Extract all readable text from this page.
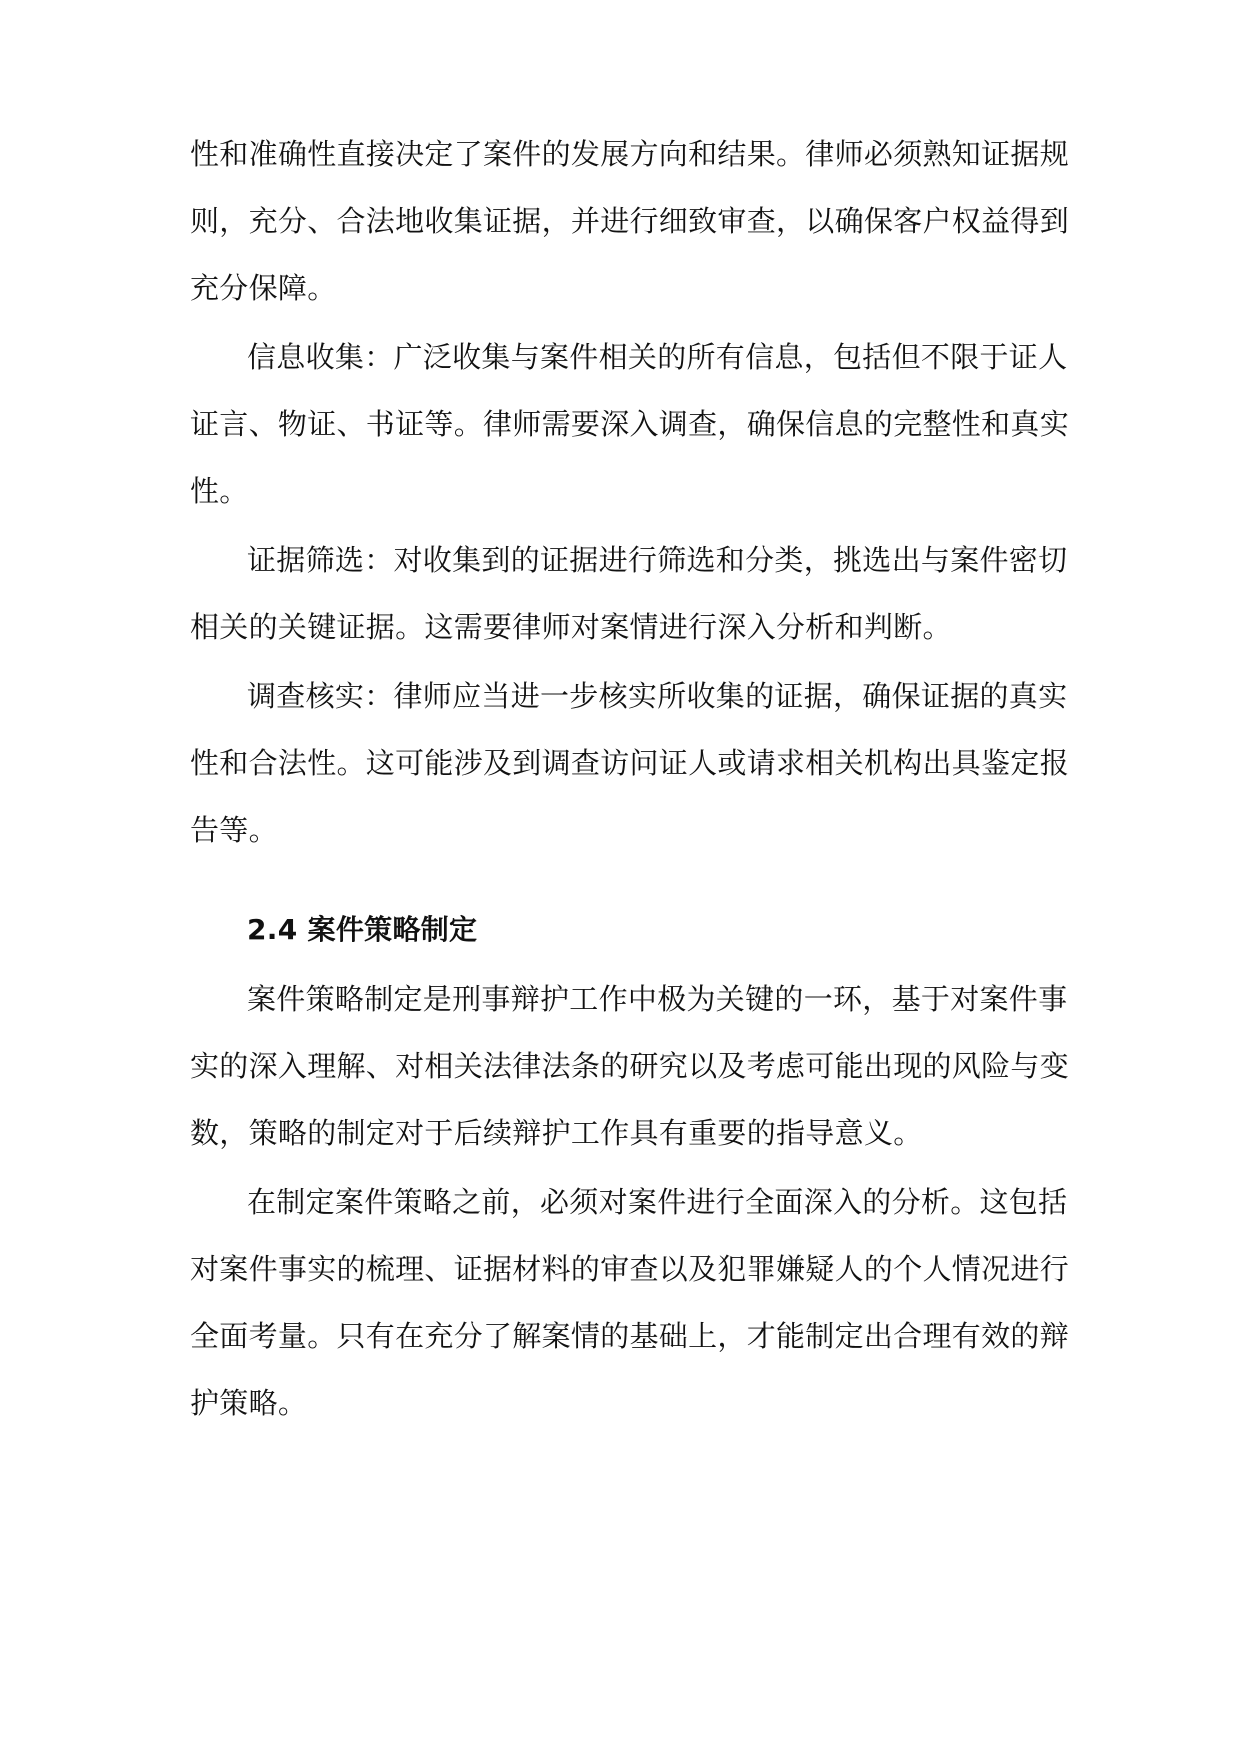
性和准确性直接决定了案件的发展方向和结果。律师必须熟知证据规
则，充分、合法地收集证据，并进行细致审查，以确保客户权益得到
充分保障。
信息收集：广泛收集与案件相关的所有信息，包括但不限于证人
证言、物证、书证等。律师需要深入调查，确保信息的完整性和真实
性。
证据筛选：对收集到的证据进行筛选和分类，挑选出与案件密切
相关的关键证据。这需要律师对案情进行深入分析和判断。
调查核实：律师应当进一步核实所收集的证据，确保证据的真实
性和合法性。这可能涉及到调查访问证人或请求相关机构出具鉴定报
告等。
2.4 案件策略制定
案件策略制定是刑事辩护工作中极为关键的一环，基于对案件事
实的深入理解、对相关法律法条的研究以及考虑可能出现的风险与变
数，策略的制定对于后续辩护工作具有重要的指导意义。
在制定案件策略之前，必须对案件进行全面深入的分析。这包括
对案件事实的梳理、证据材料的审查以及犯罪嫌疑人的个人情况进行
全面考量。只有在充分了解案情的基础上，才能制定出合理有效的辩
护策略。
